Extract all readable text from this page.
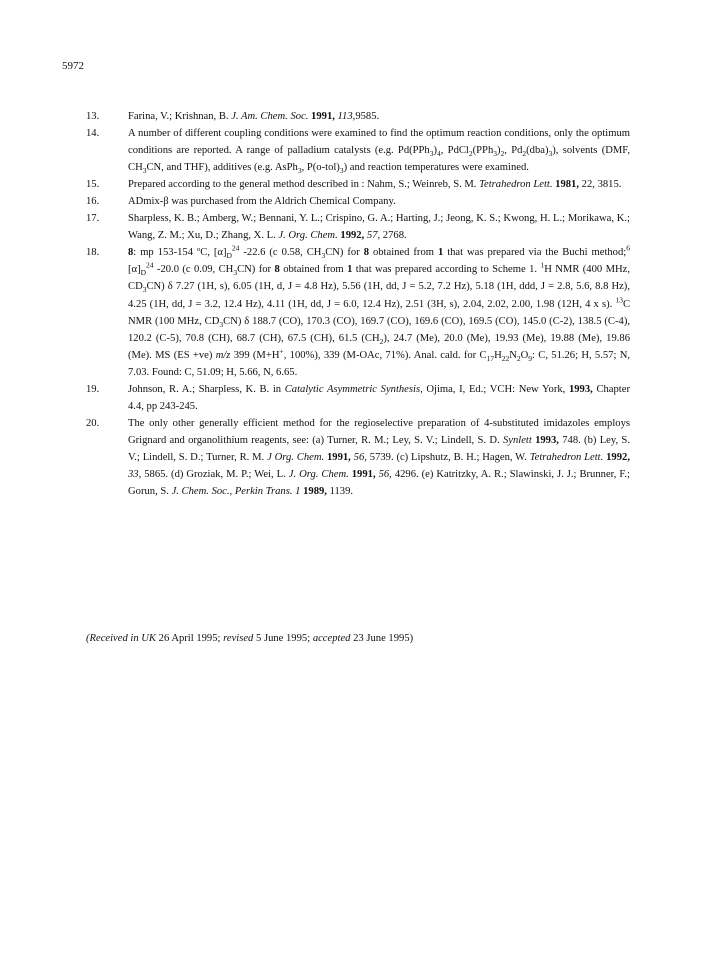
5972
13.	Farina, V.; Krishnan, B. J. Am. Chem. Soc. 1991, 113,9585.
14.	A number of different coupling conditions were examined to find the optimum reaction conditions, only the optimum conditions are reported. A range of palladium catalysts (e.g. $Pd(PPh_3)_4$, $PdCl_2(PPh_3)_2$, $Pd_2(dba)_3$), solvents (DMF, $CH_3CN$, and THF), additives (e.g. AsPh$_3$, $P(o-tol)_3$) and reaction temperatures were examined.
15.	Prepared according to the general method described in : Nahm, S.; Weinreb, S. M. Tetrahedron Lett. 1981, 22, 3815.
16.	ADmix-β was purchased from the Aldrich Chemical Company.
17.	Sharpless, K. B.; Amberg, W.; Bennani, Y. L.; Crispino, G. A.; Harting, J.; Jeong, K. S.; Kwong, H. L.; Morikawa, K.; Wang, Z. M.; Xu, D.; Zhang, X. L. J. Org. Chem. 1992, 57, 2768.
18.	8: mp 153-154 ºC, $[\alpha]_D^{24}$ -22.6 (c 0.58, $CH_3CN$) for 8 obtained from 1 that was prepared via the Buchi method;$^6$ $[\alpha]_D^{24}$ -20.0 (c 0.09, $CH_3CN$) for 8 obtained from 1 that was prepared according to Scheme 1. $^1$H NMR (400 MHz, $CD_3CN$) δ 7.27 (1H, s), 6.05 (1H, d, J = 4.8 Hz), 5.56 (1H, dd, J = 5.2, 7.2 Hz), 5.18 (1H, ddd, J = 2.8, 5.6, 8.8 Hz), 4.25 (1H, dd, J = 3.2, 12.4 Hz), 4.11 (1H, dd, J = 6.0, 12.4 Hz), 2.51 (3H, s), 2.04, 2.02, 2.00, 1.98 (12H, 4 x s). $^{13}$C NMR (100 MHz, $CD_3CN$) δ 188.7 (CO), 170.3 (CO), 169.7 (CO), 169.6 (CO), 169.5 (CO), 145.0 (C-2), 138.5 (C-4), 120.2 (C-5), 70.8 (CH), 68.7 (CH), 67.5 (CH), 61.5 $(CH_2)$, 24.7 (Me), 20.0 (Me), 19.93 (Me), 19.88 (Me), 19.86 (Me). MS (ES +ve) m/z 399 (M+H+, 100%), 339 (M-OAc, 71%). Anal. cald. for $C_{17}H_{22}N_2O_9$: C, 51.26; H, 5.57; N, 7.03. Found: C, 51.09; H, 5.66, N, 6.65.
19.	Johnson, R. A.; Sharpless, K. B. in Catalytic Asymmetric Synthesis, Ojima, I, Ed.; VCH: New York, 1993, Chapter 4.4, pp 243-245.
20.	The only other generally efficient method for the regioselective preparation of 4-substituted imidazoles employs Grignard and organolithium reagents, see: (a) Turner, R. M.; Ley, S. V.; Lindell, S. D. Synlett 1993, 748. (b) Ley, S. V.; Lindell, S. D.; Turner, R. M. J Org. Chem. 1991, 56, 5739. (c) Lipshutz, B. H.; Hagen, W. Tetrahedron Lett. 1992, 33, 5865. (d) Groziak, M. P.; Wei, L. J. Org. Chem. 1991, 56, 4296. (e) Katritzky, A. R.; Slawinski, J. J.; Brunner, F.; Gorun, S. J. Chem. Soc., Perkin Trans. 1 1989, 1139.
(Received in UK 26 April 1995; revised 5 June 1995; accepted 23 June 1995)
